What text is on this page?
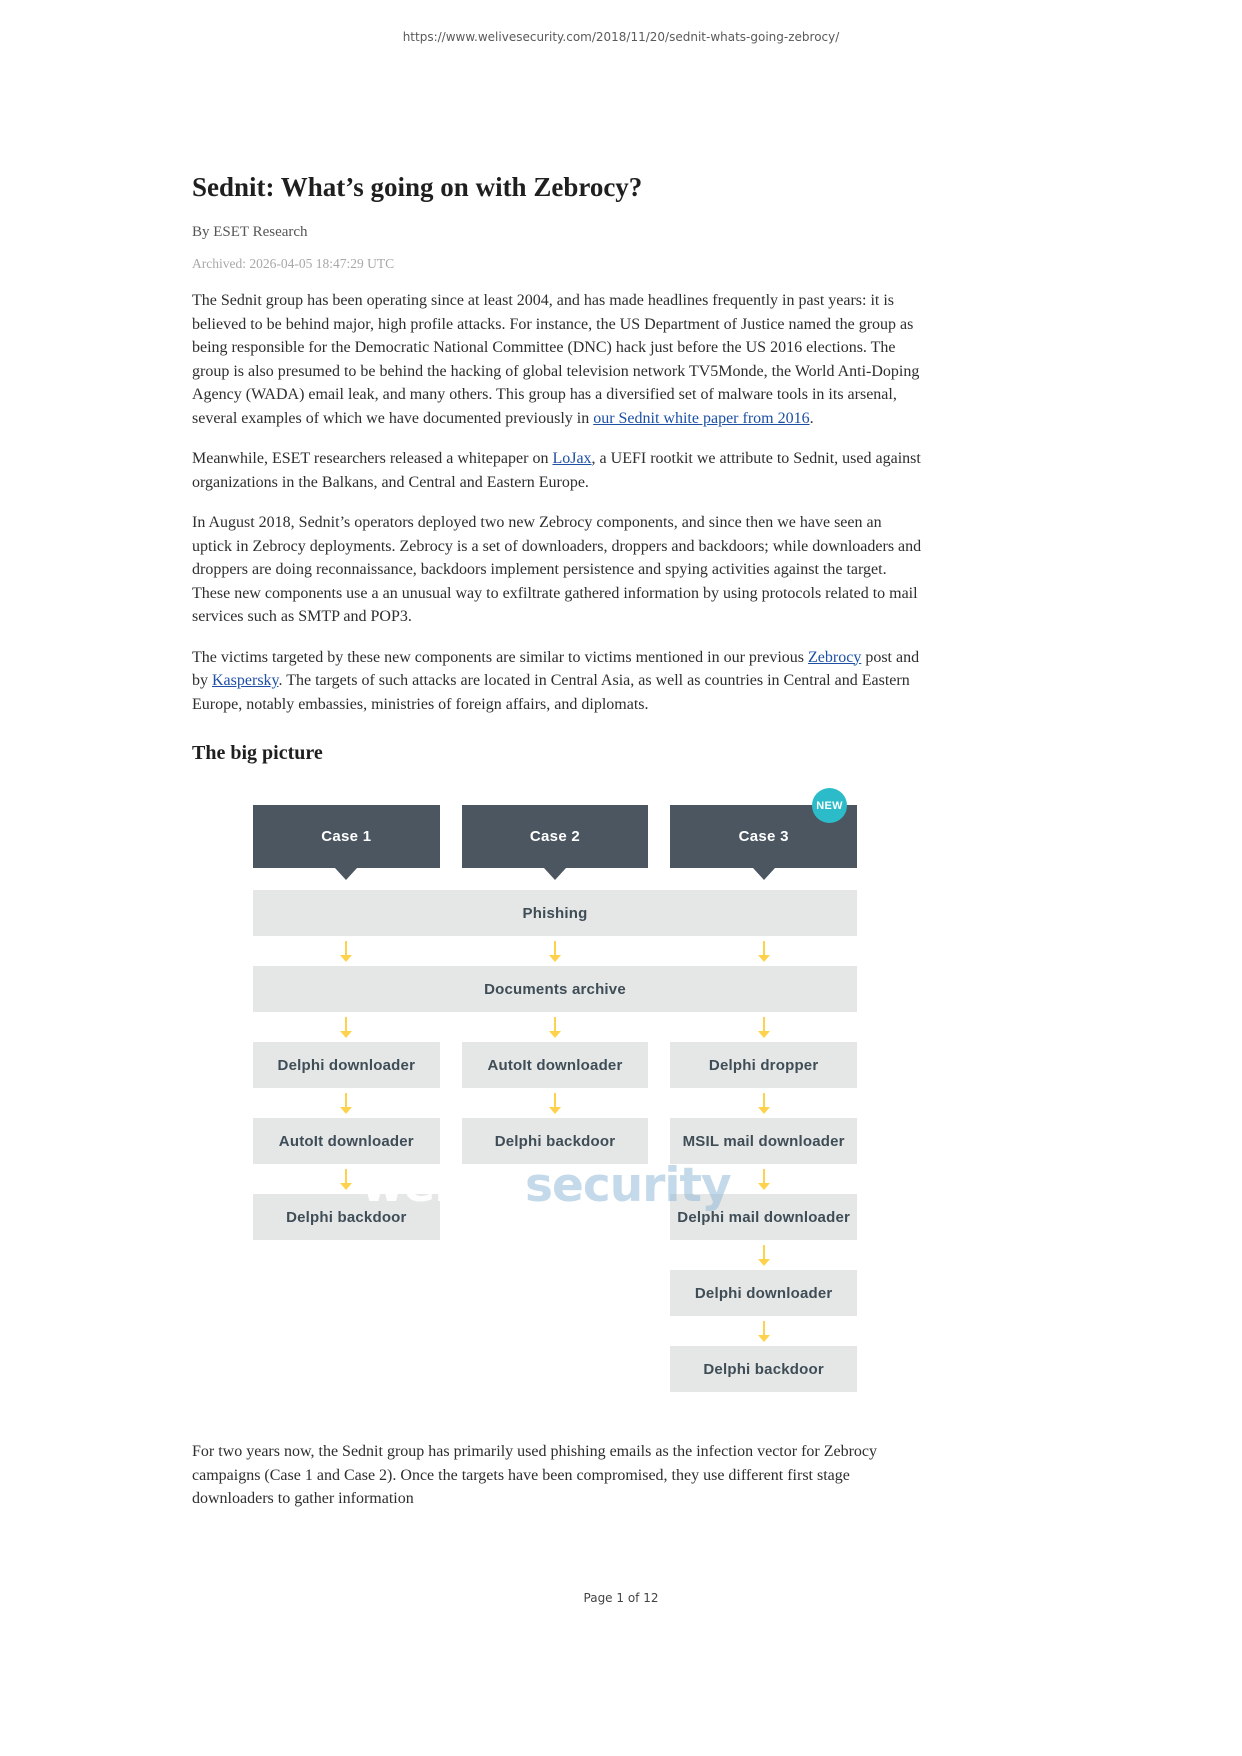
https://www.welivesecurity.com/2018/11/20/sednit-whats-going-zebrocy/
Sednit: What’s going on with Zebrocy?
By ESET Research
Archived: 2026-04-05 18:47:29 UTC

The Sednit group has been operating since at least 2004, and has made headlines frequently in past years: it is believed to be behind major, high profile attacks. For instance, the US Department of Justice named the group as being responsible for the Democratic National Committee (DNC) hack just before the US 2016 elections. The group is also presumed to be behind the hacking of global television network TV5Monde, the World Anti-Doping Agency (WADA) email leak, and many others. This group has a diversified set of malware tools in its arsenal, several examples of which we have documented previously in our Sednit white paper from 2016.

Meanwhile, ESET researchers released a whitepaper on LoJax, a UEFI rootkit we attribute to Sednit, used against organizations in the Balkans, and Central and Eastern Europe.

In August 2018, Sednit’s operators deployed two new Zebrocy components, and since then we have seen an uptick in Zebrocy deployments. Zebrocy is a set of downloaders, droppers and backdoors; while downloaders and droppers are doing reconnaissance, backdoors implement persistence and spying activities against the target. These new components use a an unusual way to exfiltrate gathered information by using protocols related to mail services such as SMTP and POP3.

The victims targeted by these new components are similar to victims mentioned in our previous Zebrocy post and by Kaspersky. The targets of such attacks are located in Central Asia, as well as countries in Central and Eastern Europe, notably embassies, ministries of foreign affairs, and diplomats.

The big picture
Case 1	Case 2	Case 3
NEW
Phishing
Documents archive
Delphi downloader	AutoIt downloader	Delphi dropper
AutoIt downloader	Delphi backdoor	MSIL mail downloader
Delphi backdoor	Delphi mail downloader
Delphi downloader
Delphi backdoor
welivesecurity

For two years now, the Sednit group has primarily used phishing emails as the infection vector for Zebrocy campaigns (Case 1 and Case 2). Once the targets have been compromised, they use different first stage downloaders to gather information

Page 1 of 12
